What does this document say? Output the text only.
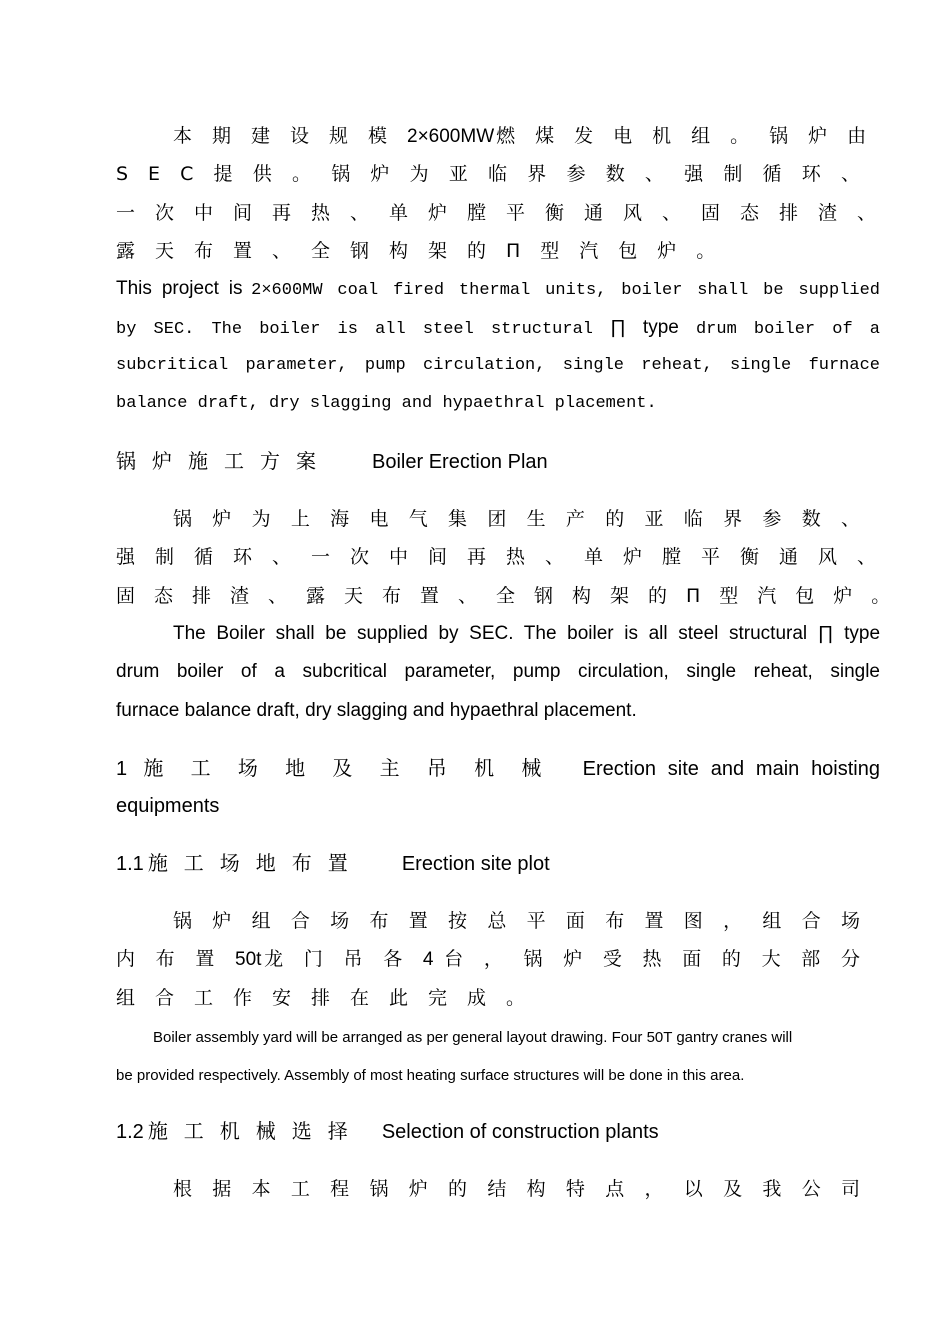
本期建设规模2×600MW 燃煤发电机组。锅炉由
SEC提供。锅炉为亚临界参数、强制循环、
一次中间再热、单炉膛平衡通风、固态排渣、
露天布置、全钢构架的Π型汽包炉。
This project is 2×600MW coal fired thermal units, boiler shall be supplied
by SEC. The boiler is all steel structural ∏ type drum boiler of a
subcritical parameter, pump circulation, single reheat, single furnace
balance draft, dry slagging and hypaethral placement.
锅炉施工方案 Boiler Erection Plan
锅炉为上海电气集团生产的亚临界参数、
强制循环、一次中间再热、单炉膛平衡通风、
固态排渣、露天布置、全钢构架的Π型汽包炉。
The Boiler shall be supplied by SEC. The boiler is all steel structural ∏ type
drum boiler of a subcritical parameter, pump circulation, single reheat, single
furnace balance draft, dry slagging and hypaethral placement.
1 施工场地及主吊机械 Erection site and main hoisting
equipments
1.1 施工场地布置 Erection site plot
锅炉组合场布置按总平面布置图，组合场
内布置50t 龙门吊各4 台，锅炉受热面的大部分
组合工作安排在此完成。
Boiler assembly yard will be arranged as per general layout drawing. Four 50T gantry cranes will
be provided respectively. Assembly of most heating surface structures will be done in this area.
1.2 施工机械选择 Selection of construction plants
根据本工程锅炉的结构特点，以及我公司
